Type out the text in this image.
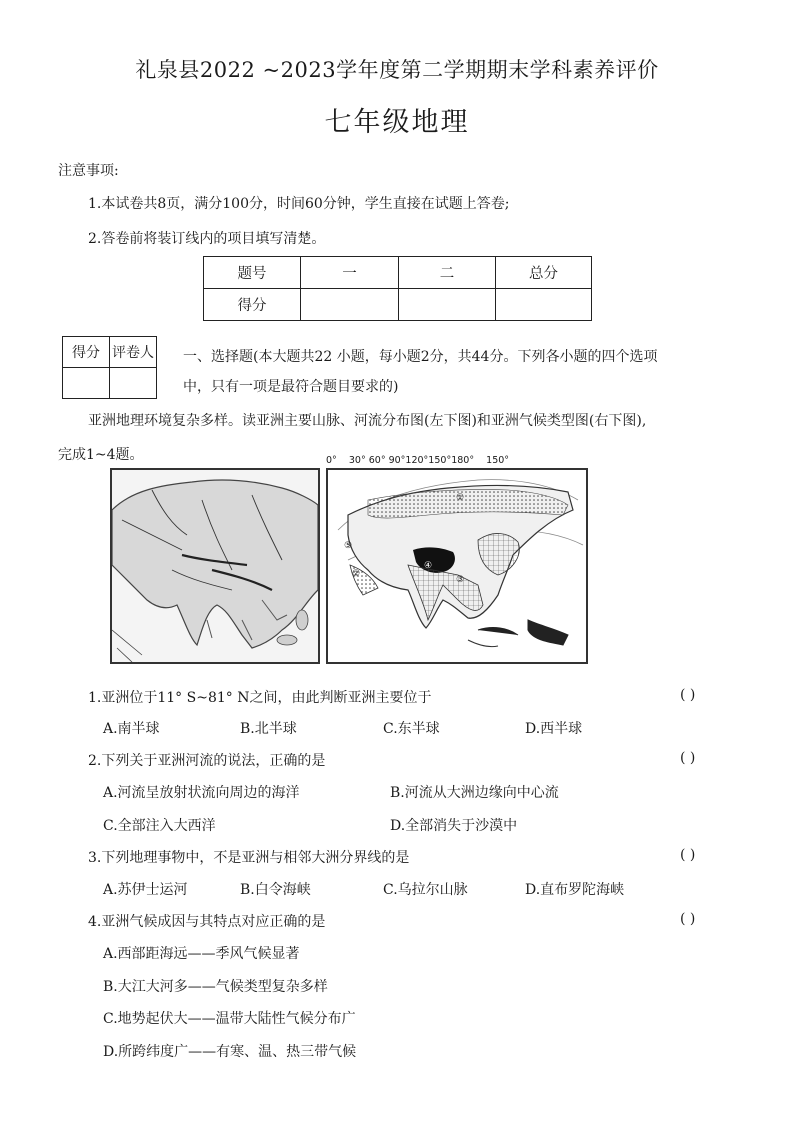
礼泉县2022 ~2023学年度第二学期期末学科素养评价
七年级地理
注意事项:
1.本试卷共8页，满分100分，时间60分钟，学生直接在试题上答卷;
2.答卷前将装订线内的项目填写清楚。
题号	一	二	总分
得分			
得分	评卷人
	一、选择题(本大题共22 小题，每小题2分，共44分。下列各小题的四个选项
中，只有一项是最符合题目要求的)
亚洲地理环境复杂多样。读亚洲主要山脉、河流分布图(左下图)和亚洲气候类型图(右下图),
完成1~4题。	0°    30° 60° 90°120°150°180°    150°
①
⑤
②
④
③
1.亚洲位于11° S~81° N之间，由此判断亚洲主要位于	( )
A.南半球	B.北半球	C.东半球	D.西半球
2.下列关于亚洲河流的说法，正确的是	( )
A.河流呈放射状流向周边的海洋	B.河流从大洲边缘向中心流
C.全部注入大西洋	D.全部消失于沙漠中
3.下列地理事物中，不是亚洲与相邻大洲分界线的是	( )
A.苏伊士运河	B.白令海峡	C.乌拉尔山脉	D.直布罗陀海峡
4.亚洲气候成因与其特点对应正确的是	( )
A.西部距海远——季风气候显著
B.大江大河多——气候类型复杂多样
C.地势起伏大——温带大陆性气候分布广
D.所跨纬度广——有寒、温、热三带气候
